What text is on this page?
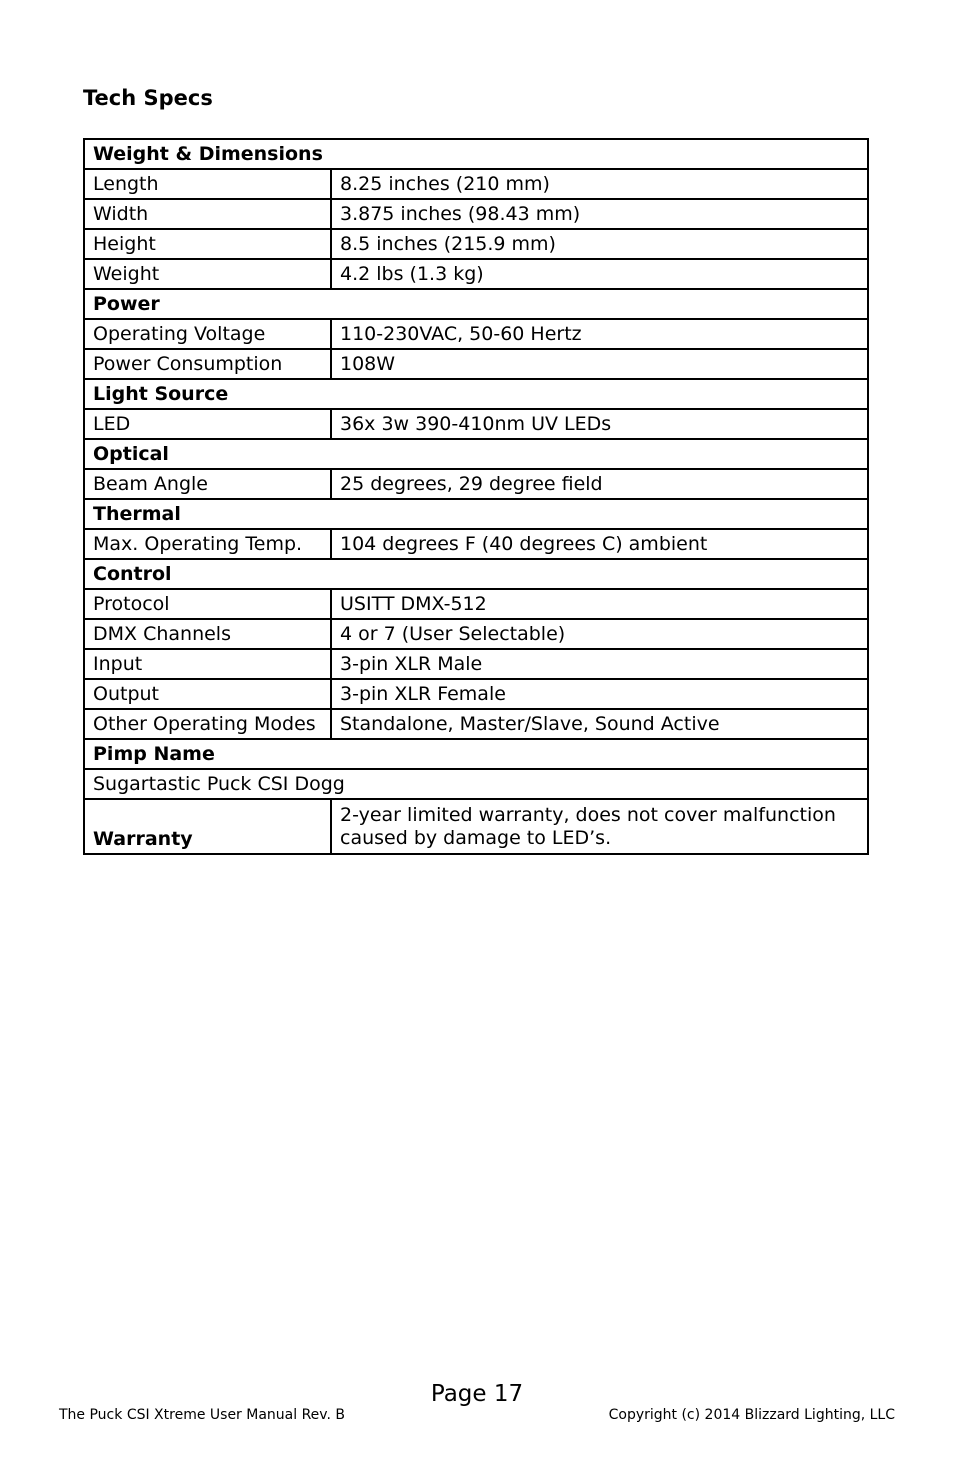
Tech Specs
Weight & Dimensions	
Length	8.25 inches (210 mm)
Width	3.875 inches (98.43 mm)
Height	8.5 inches (215.9 mm)
Weight	4.2 lbs (1.3 kg)
Power	
Operating Voltage	110-230VAC, 50-60 Hertz
Power Consumption	108W
Light Source	
LED	36x 3w 390-410nm UV LEDs
Optical	
Beam Angle	25 degrees, 29 degree field
Thermal	
Max. Operating Temp.	104 degrees F (40 degrees C) ambient
Control	
Protocol	USITT DMX-512
DMX Channels	4 or 7 (User Selectable)
Input	3-pin XLR Male
Output	3-pin XLR Female
Other Operating Modes	Standalone, Master/Slave, Sound Active
Pimp Name	
Sugartastic Puck CSI Dogg	
Warranty	2-year limited warranty, does not cover malfunction caused by damage to LED’s.
Page 17
The Puck CSI Xtreme User Manual Rev. B	Copyright (c) 2014 Blizzard Lighting, LLC
